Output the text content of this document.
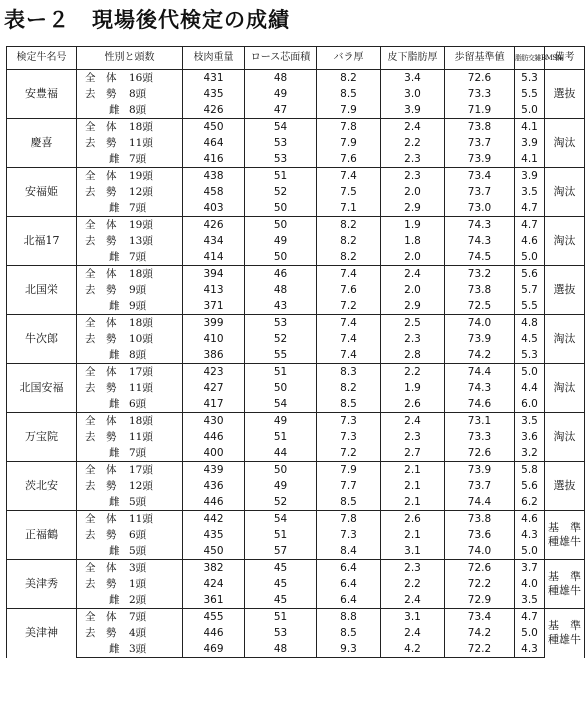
表ー２　現場後代検定の成績
検定牛名号	性別と頭数	枝肉重量	ロース芯面積	バラ厚	皮下脂肪厚	歩留基準値	脂肪交雑BMS№	備考
安豊福	全　体 16頭	431	48	8.2	3.4	72.6	5.3	選抜
	去　勢 8頭	435	49	8.5	3.0	73.3	5.5	
	雌 8頭	426	47	7.9	3.9	71.9	5.0	
慶喜	全　体 18頭	450	54	7.8	2.4	73.8	4.1	淘汰
	去　勢 11頭	464	53	7.9	2.2	73.7	3.9	
	雌 7頭	416	53	7.6	2.3	73.9	4.1	
安福姫	全　体 19頭	438	51	7.4	2.3	73.4	3.9	淘汰
	去　勢 12頭	458	52	7.5	2.0	73.7	3.5	
	雌 7頭	403	50	7.1	2.9	73.0	4.7	
北福17	全　体 19頭	426	50	8.2	1.9	74.3	4.7	淘汰
	去　勢 13頭	434	49	8.2	1.8	74.3	4.6	
	雌 7頭	414	50	8.2	2.0	74.5	5.0	
北国栄	全　体 18頭	394	46	7.4	2.4	73.2	5.6	選抜
	去　勢 9頭	413	48	7.6	2.0	73.8	5.7	
	雌 9頭	371	43	7.2	2.9	72.5	5.5	
牛次郎	全　体 18頭	399	53	7.4	2.5	74.0	4.8	淘汰
	去　勢 10頭	410	52	7.4	2.3	73.9	4.5	
	雌 8頭	386	55	7.4	2.8	74.2	5.3	
北国安福	全　体 17頭	423	51	8.3	2.2	74.4	5.0	淘汰
	去　勢 11頭	427	50	8.2	1.9	74.3	4.4	
	雌 6頭	417	54	8.5	2.6	74.6	6.0	
万宝院	全　体 18頭	430	49	7.3	2.4	73.1	3.5	淘汰
	去　勢 11頭	446	51	7.3	2.3	73.3	3.6	
	雌 7頭	400	44	7.2	2.7	72.6	3.2	
茨北安	全　体 17頭	439	50	7.9	2.1	73.9	5.8	選抜
	去　勢 12頭	436	49	7.7	2.1	73.7	5.6	
	雌 5頭	446	52	8.5	2.1	74.4	6.2	
正福鶴	全　体 11頭	442	54	7.8	2.6	73.8	4.6	基　準
種雄牛
	去　勢 6頭	435	51	7.3	2.1	73.6	4.3	
	雌 5頭	450	57	8.4	3.1	74.0	5.0	
美津秀	全　体 3頭	382	45	6.4	2.3	72.6	3.7	基　準
種雄牛
	去　勢 1頭	424	45	6.4	2.2	72.2	4.0	
	雌 2頭	361	45	6.4	2.4	72.9	3.5	
美津神	全　体 7頭	455	51	8.8	3.1	73.4	4.7	基　準
種雄牛
	去　勢 4頭	446	53	8.5	2.4	74.2	5.0	
	雌 3頭	469	48	9.3	4.2	72.2	4.3	
